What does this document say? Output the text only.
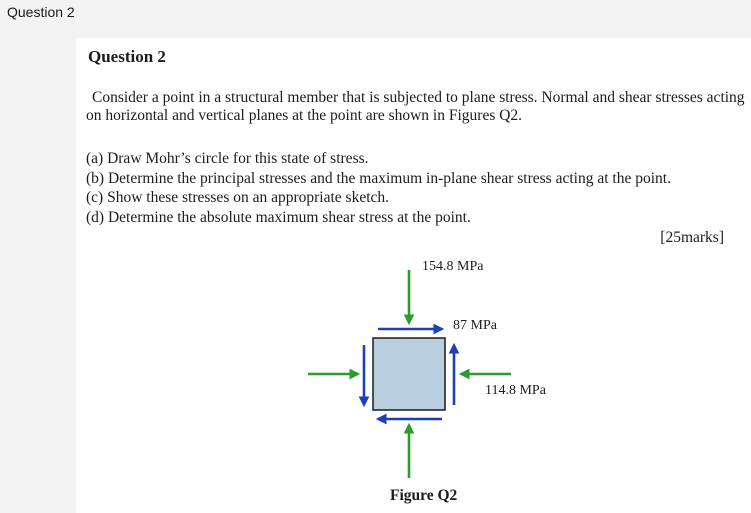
Question 2
Question 2

Consider a point in a structural member that is subjected to plane stress. Normal and shear stresses acting on horizontal and vertical planes at the point are shown in Figures Q2.

(a) Draw Mohr’s circle for this state of stress.
(b) Determine the principal stresses and the maximum in-plane shear stress acting at the point.
(c) Show these stresses on an appropriate sketch.
(d) Determine the absolute maximum shear stress at the point.
[25marks]
154.8 MPa
87 MPa
114.8 MPa
Figure Q2
